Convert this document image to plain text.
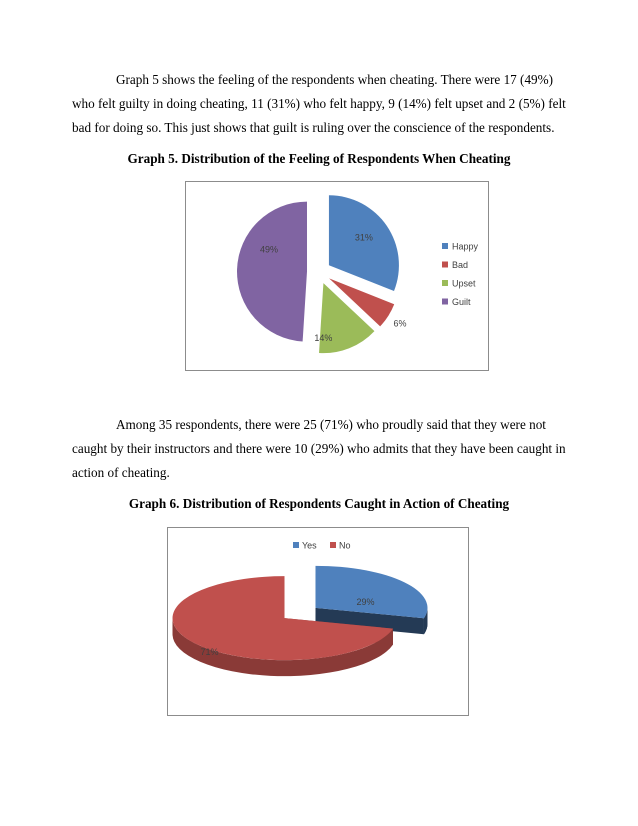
Graph 5 shows the feeling of the respondents when cheating. There were 17 (49%) who felt guilty in doing cheating, 11 (31%) who felt happy, 9 (14%) felt upset and 2 (5%) felt bad for doing so. This just shows that guilt is ruling over the conscience of the respondents.
Graph 5. Distribution of the Feeling of Respondents When Cheating
31%
6%
14%
49%	Happy
Bad
Upset
Guilt
Among 35 respondents, there were 25 (71%) who proudly said that they were not caught by their instructors and there were 10 (29%) who admits that they have been caught in action of cheating.
Graph 6. Distribution of Respondents Caught in Action of Cheating
29%
71%
Yes No
